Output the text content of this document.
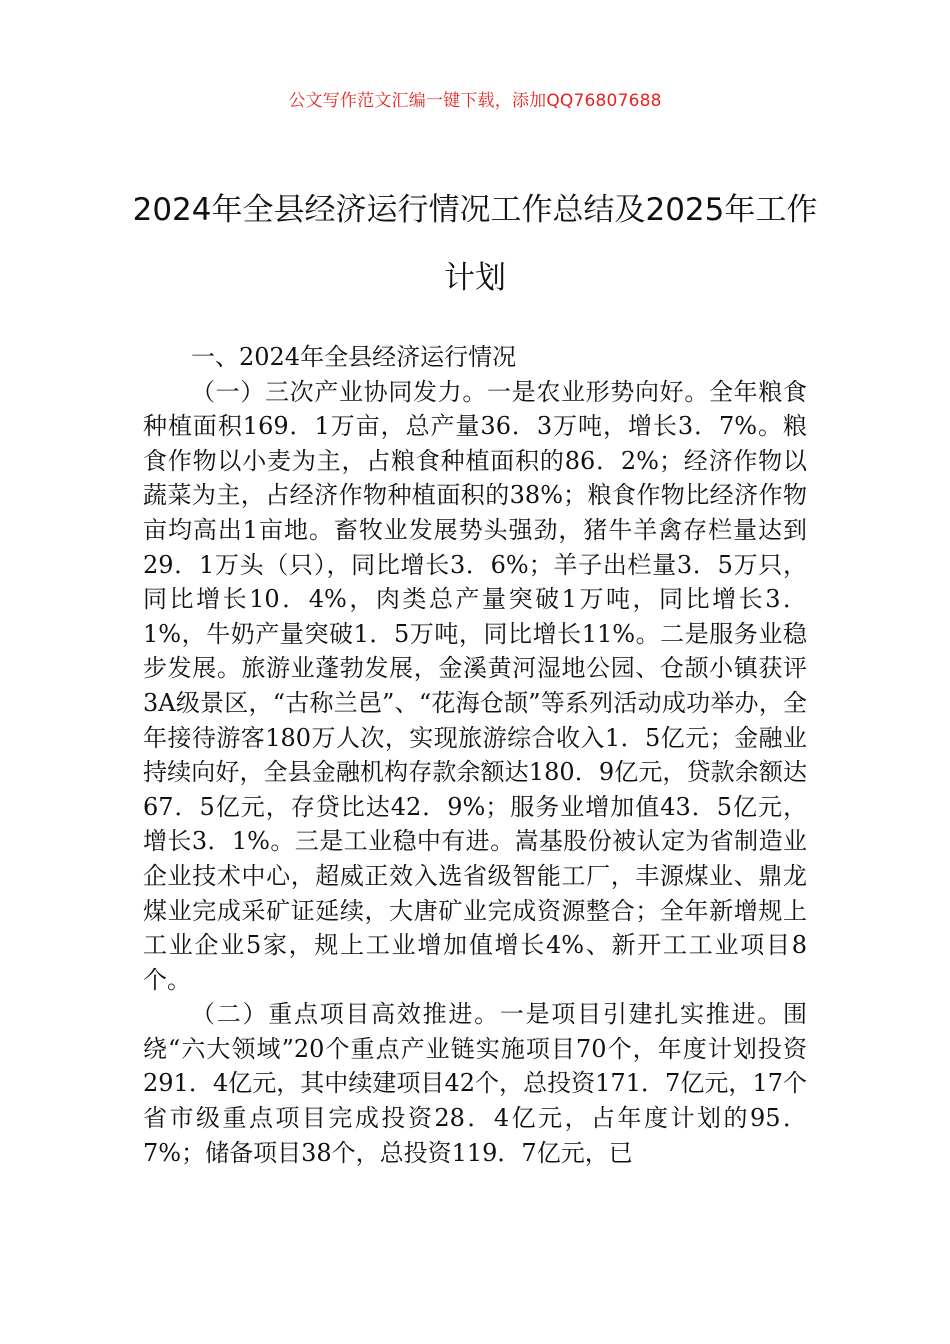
公文写作范文汇编一键下载，添加QQ76807688
2024年全县经济运行情况工作总结及2025年工作计划

一、2024年全县经济运行情况

（一）三次产业协同发力。一是农业形势向好。全年粮食种植面积169．1万亩，总产量36．3万吨，增长3．7%。粮食作物以小麦为主，占粮食种植面积的86．2%；经济作物以蔬菜为主，占经济作物种植面积的38%；粮食作物比经济作物亩均高出1亩地。畜牧业发展势头强劲，猪牛羊禽存栏量达到29．1万头（只），同比增长3．6%；羊子出栏量3．5万只，同比增长10．4%，肉类总产量突破1万吨，同比增长3．1%，牛奶产量突破1．5万吨，同比增长11%。二是服务业稳步发展。旅游业蓬勃发展，金溪黄河湿地公园、仓颉小镇获评3A级景区，“古称兰邑”、“花海仓颉”等系列活动成功举办，全年接待游客180万人次，实现旅游综合收入1．5亿元；金融业持续向好，全县金融机构存款余额达180．9亿元，贷款余额达67．5亿元，存贷比达42．9%；服务业增加值43．5亿元，增长3．1%。三是工业稳中有进。嵩基股份被认定为省制造业企业技术中心，超威正效入选省级智能工厂，丰源煤业、鼎龙煤业完成采矿证延续，大唐矿业完成资源整合；全年新增规上工业企业5家，规上工业增加值增长4%、新开工工业项目8个。

（二）重点项目高效推进。一是项目引建扎实推进。围绕“六大领域”20个重点产业链实施项目70个，年度计划投资291．4亿元，其中续建项目42个，总投资171．7亿元，17个省市级重点项目完成投资28．4亿元，占年度计划的95．7%；储备项目38个，总投资119．7亿元，已
